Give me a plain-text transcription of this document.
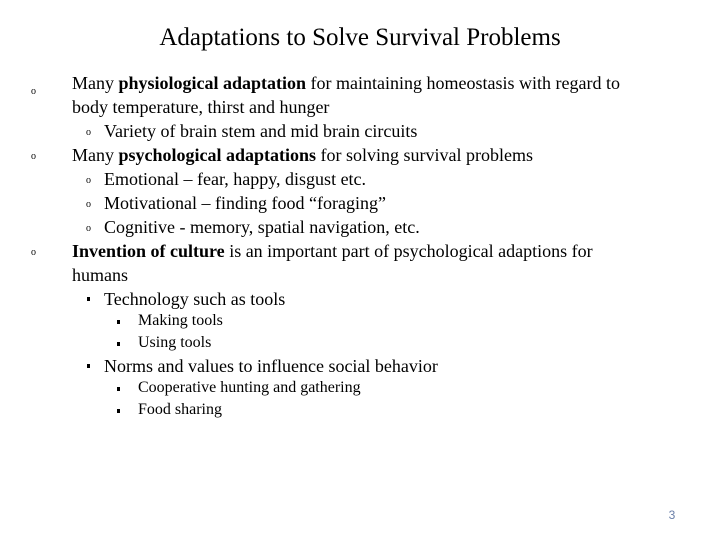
Adaptations to Solve Survival Problems
o Many physiological adaptation for maintaining homeostasis with regard to
body temperature, thirst and hunger
o Variety of brain stem and mid brain circuits
o Many psychological adaptations for solving survival problems
o Emotional – fear, happy, disgust etc.
o Motivational – finding food “foraging”
o Cognitive - memory, spatial navigation, etc.
o Invention of culture is an important part of psychological adaptions for
humans
Technology such as tools
Making tools
Using tools
Norms and values to influence social behavior
Cooperative hunting and gathering
Food sharing
3
